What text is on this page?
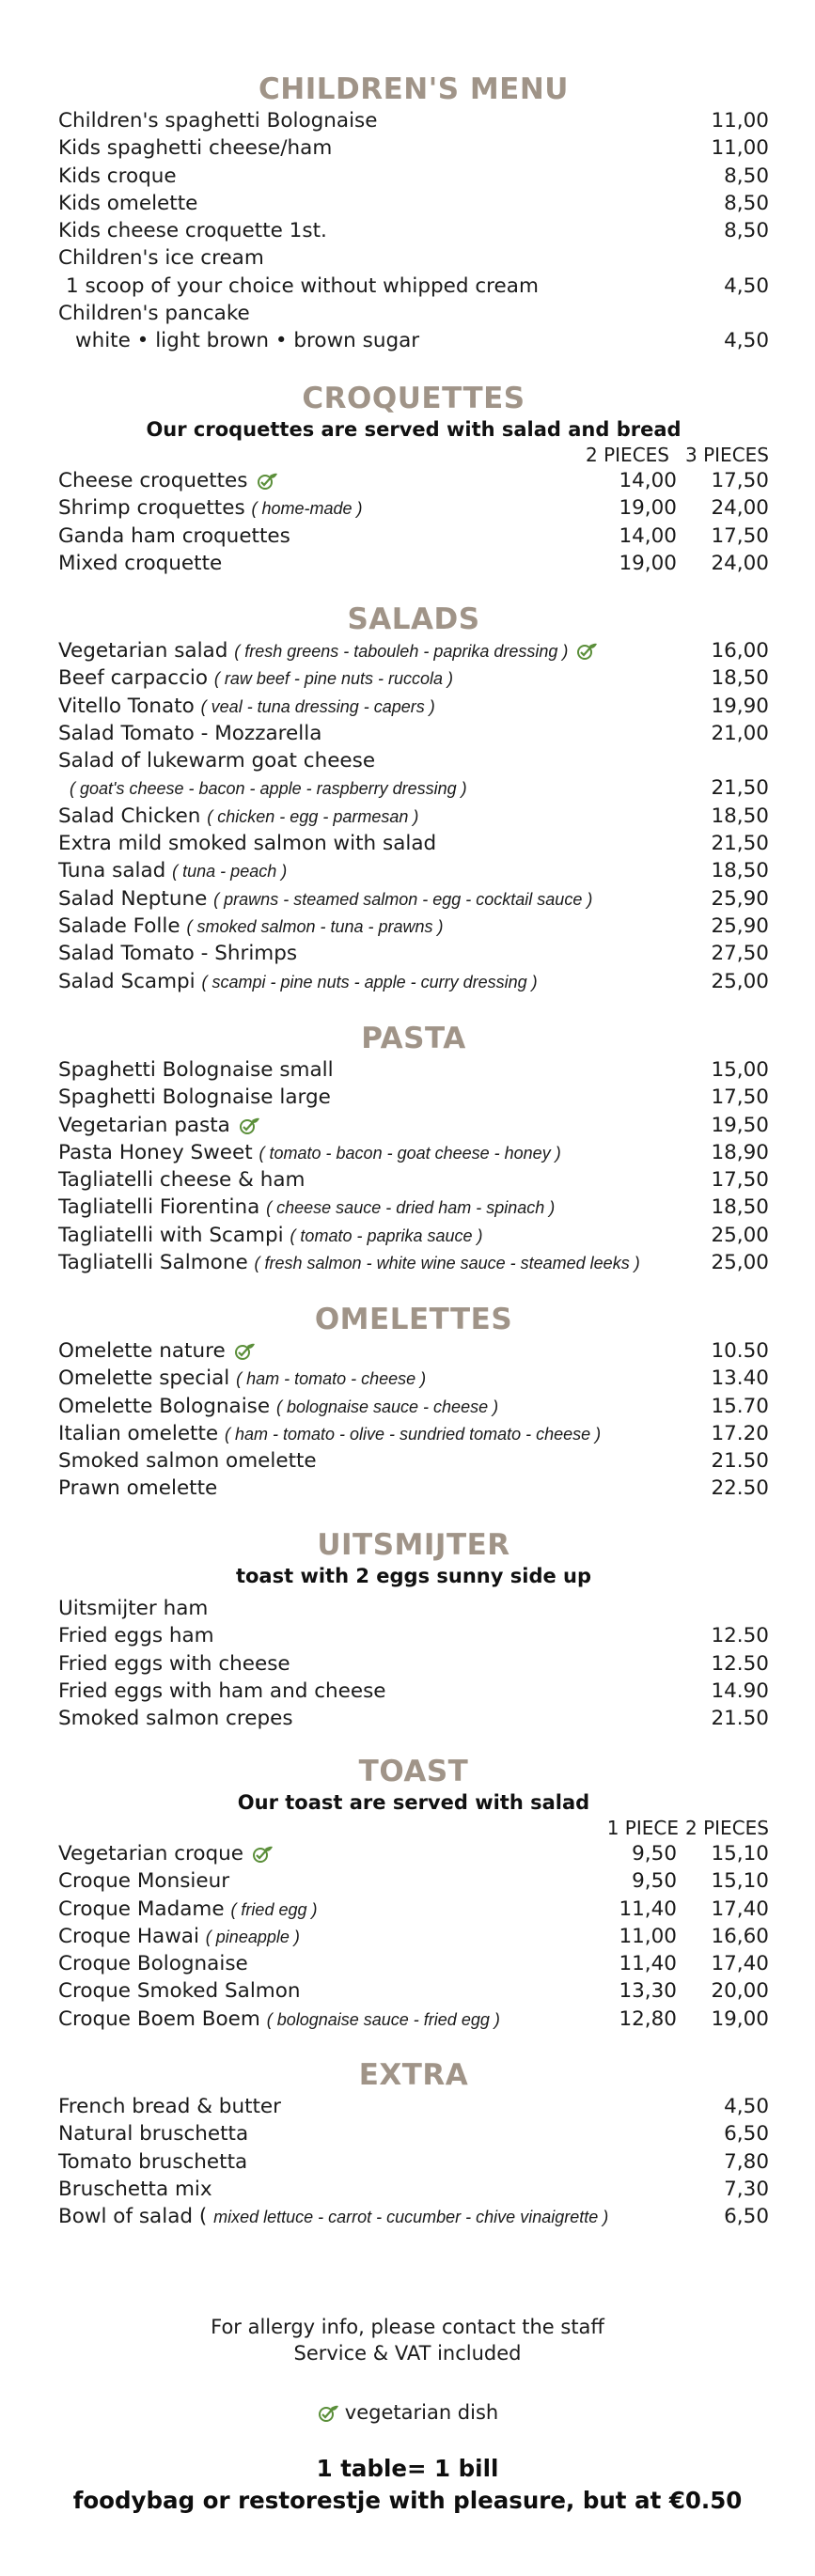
CHILDREN'S MENU
Children's spaghetti Bolognaise	11,00
Kids spaghetti cheese/ham	11,00
Kids croque	8,50
Kids omelette	8,50
Kids cheese croquette 1st.	8,50
Children's ice cream
1 scoop of your choice without whipped cream	4,50
Children's pancake
white • light brown • brown sugar	4,50
CROQUETTES
Our croquettes are served with salad and bread
2 PIECES 3 PIECES
Cheese croquettes	14,00 17,50
Shrimp croquettes ( home-made )	19,00 24,00
Ganda ham croquettes	14,00 17,50
Mixed croquette	19,00 24,00
SALADS
Vegetarian salad ( fresh greens - tabouleh - paprika dressing )	16,00
Beef carpaccio ( raw beef - pine nuts - ruccola )	18,50
Vitello Tonato ( veal - tuna dressing - capers )	19,90
Salad Tomato - Mozzarella	21,00
Salad of lukewarm goat cheese
( goat's cheese - bacon - apple - raspberry dressing )	21,50
Salad Chicken ( chicken - egg - parmesan )	18,50
Extra mild smoked salmon with salad	21,50
Tuna salad ( tuna - peach )	18,50
Salad Neptune ( prawns - steamed salmon - egg - cocktail sauce )	25,90
Salade Folle ( smoked salmon - tuna - prawns )	25,90
Salad Tomato - Shrimps	27,50
Salad Scampi ( scampi - pine nuts - apple - curry dressing )	25,00
PASTA
Spaghetti Bolognaise small	15,00
Spaghetti Bolognaise large	17,50
Vegetarian pasta	19,50
Pasta Honey Sweet ( tomato - bacon - goat cheese - honey )	18,90
Tagliatelli cheese & ham	17,50
Tagliatelli Fiorentina ( cheese sauce - dried ham - spinach )	18,50
Tagliatelli with Scampi ( tomato - paprika sauce )	25,00
Tagliatelli Salmone ( fresh salmon - white wine sauce - steamed leeks )	25,00
OMELETTES
Omelette nature	10.50
Omelette special ( ham - tomato - cheese )	13.40
Omelette Bolognaise ( bolognaise sauce - cheese )	15.70
Italian omelette ( ham - tomato - olive - sundried tomato - cheese )	17.20
Smoked salmon omelette	21.50
Prawn omelette	22.50
UITSMIJTER
toast with 2 eggs sunny side up
Uitsmijter ham
Fried eggs ham	12.50
Fried eggs with cheese	12.50
Fried eggs with ham and cheese	14.90
Smoked salmon crepes	21.50
TOAST
Our toast are served with salad
1 PIECE 2 PIECES
Vegetarian croque	9,50 15,10
Croque Monsieur	9,50 15,10
Croque Madame ( fried egg )	11,40 17,40
Croque Hawai ( pineapple )	11,00 16,60
Croque Bolognaise	11,40 17,40
Croque Smoked Salmon	13,30 20,00
Croque Boem Boem ( bolognaise sauce - fried egg )	12,80 19,00
EXTRA
French bread & butter	4,50
Natural bruschetta	6,50
Tomato bruschetta	7,80
Bruschetta mix	7,30
Bowl of salad ( mixed lettuce - carrot - cucumber - chive vinaigrette )	6,50
For allergy info, please contact the staff
Service & VAT included
vegetarian dish
1 table= 1 bill
foodybag or restorestje with pleasure, but at €0.50
